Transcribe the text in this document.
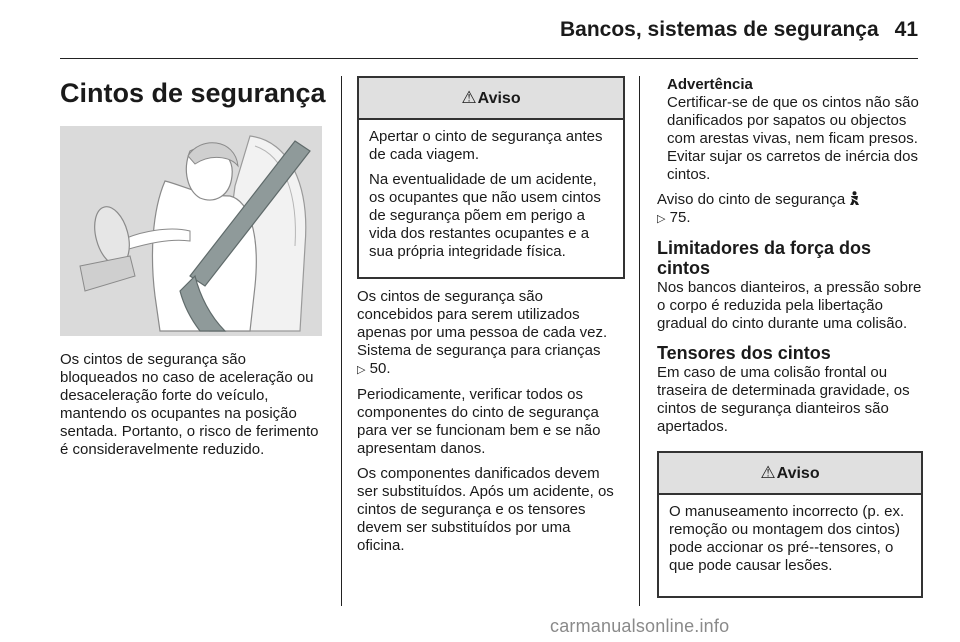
Bancos, sistemas de segurança 41
Cintos de segurança

Os cintos de segurança são bloqueados no caso de aceleração ou desaceleração forte do veículo, mantendo os ocupantes na posição sentada. Portanto, o risco de ferimento é consideravelmente reduzido.

⚠Aviso

Apertar o cinto de segurança antes de cada viagem.

Na eventualidade de um acidente, os ocupantes que não usem cintos de segurança põem em perigo a vida dos restantes ocupantes e a sua própria integridade física.

Os cintos de segurança são concebidos para serem utilizados apenas por uma pessoa de cada vez. Sistema de segurança para crianças
▷ 50.

Periodicamente, verificar todos os componentes do cinto de segurança para ver se funcionam bem e se não apresentam danos.

Os componentes danificados devem ser substituídos. Após um acidente, os cintos de segurança e os tensores devem ser substituídos por uma oficina.

Advertência

Certificar-se de que os cintos não são danificados por sapatos ou objectos com arestas vivas, nem ficam presos. Evitar sujar os carretos de inércia dos cintos.

Aviso do cinto de segurança
▷ 75.

Limitadores da força dos cintos

Nos bancos dianteiros, a pressão sobre o corpo é reduzida pela libertação gradual do cinto durante uma colisão.

Tensores dos cintos

Em caso de uma colisão frontal ou traseira de determinada gravidade, os cintos de segurança dianteiros são apertados.

⚠Aviso

O manuseamento incorrecto (p. ex. remoção ou montagem dos cintos) pode accionar os pré--tensores, o que pode causar lesões.

carmanualsonline.info
